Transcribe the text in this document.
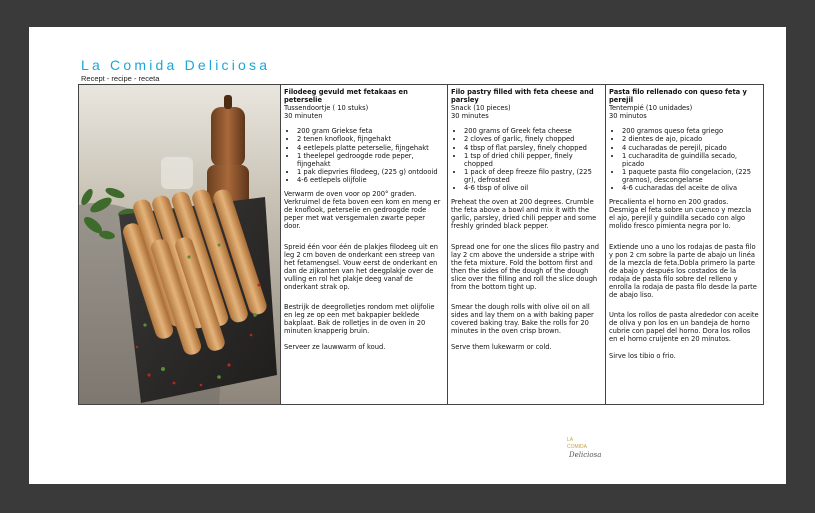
La Comida Deliciosa
Recept - recipe - receta
Filodeeg gevuld met fetakaas en peterselie
Tussendoortje ( 10 stuks)
30 minuten
• 200 gram Griekse feta
• 2 tenen knoflook, fijngehakt
• 4 eetlepels platte peterselie, fijngehakt
• 1 theelepel gedroogde rode peper, fijngehakt
• 1 pak diepvries filodeeg, (225 g) ontdooid
• 4-6 eetlepels olijfolie

Verwarm de oven voor op 200° graden. Verkruimel de feta boven een kom en meng er de knoflook, peterselie en gedroogde rode peper met wat versgemalen zwarte peper door.

Spreid één voor één de plakjes filodeeg uit en leg 2 cm boven de onderkant een streep van het fetamengsel. Vouw eerst de onderkant en dan de zijkanten van het deegplakje over de vulling en rol het plakje deeg vanaf de onderkant strak op.

Bestrijk de deegrolletjes rondom met olijfolie en leg ze op een met bakpapier beklede bakplaat. Bak de rolletjes in de oven in 20 minuten knapperig bruin.

Serveer ze lauwwarm of koud.

Filo pastry filled with feta cheese and parsley
Snack (10 pieces)
30 minutes
• 200 grams of Greek feta cheese
• 2 cloves of garlic, finely chopped
• 4 tbsp of flat parsley, finely chopped
• 1 tsp of dried chili pepper, finely chopped
• 1 pack of deep freeze filo pastry, (225 gr), defrosted
• 4-6 tbsp of olive oil

Preheat the oven at 200 degrees. Crumble the feta above a bowl and mix it with the garlic, parsley, dried chili pepper and some freshly grinded black pepper.

Spread one for one the slices filo pastry and lay 2 cm above the underside a stripe with the feta mixture. Fold the bottom first and then the sides of the dough of the dough slice over the filling and roll the slice dough from the bottom tight up.

Smear the dough rolls with olive oil on all sides and lay them on a with baking paper covered baking tray. Bake the rolls for 20 minutes in the oven crisp brown.

Serve them lukewarm or cold.

Pasta filo rellenado con queso feta y perejil
Tentempié (10 unidades)
30 minutos
• 200 gramos queso feta griego
• 2 dientes de ajo, picado
• 4 cucharadas de perejil, picado
• 1 cucharadita de guindilla secado, picado
• 1 paquete pasta filo congelacion, (225 gramos), descongelarse
• 4-6 cucharadas del aceite de oliva

Precalienta el horno en 200 grados. Desmiga el feta sobre un cuenco y mezcla el ajo, perejil y guindilla secado con algo molido fresco pimienta negra por lo.

Extiende uno a uno los rodajas de pasta filo y pon 2 cm sobre la parte de abajo un linéa de la mezcla de feta.Dobla primero la parte de abajo y después los costados de la rodaja de pasta filo sobre del relleno y enrolla la rodaja de pasta filo desde la parte de abajo liso.

Unta los rollos de pasta alrededor con aceite de oliva y pon los en un bandeja de horno cubrie con papel del horno. Dora los rollos en el horno cruijente en 20 minutos.

Sirve los tibio o frio.

LA
COMIDA
Deliciosa
